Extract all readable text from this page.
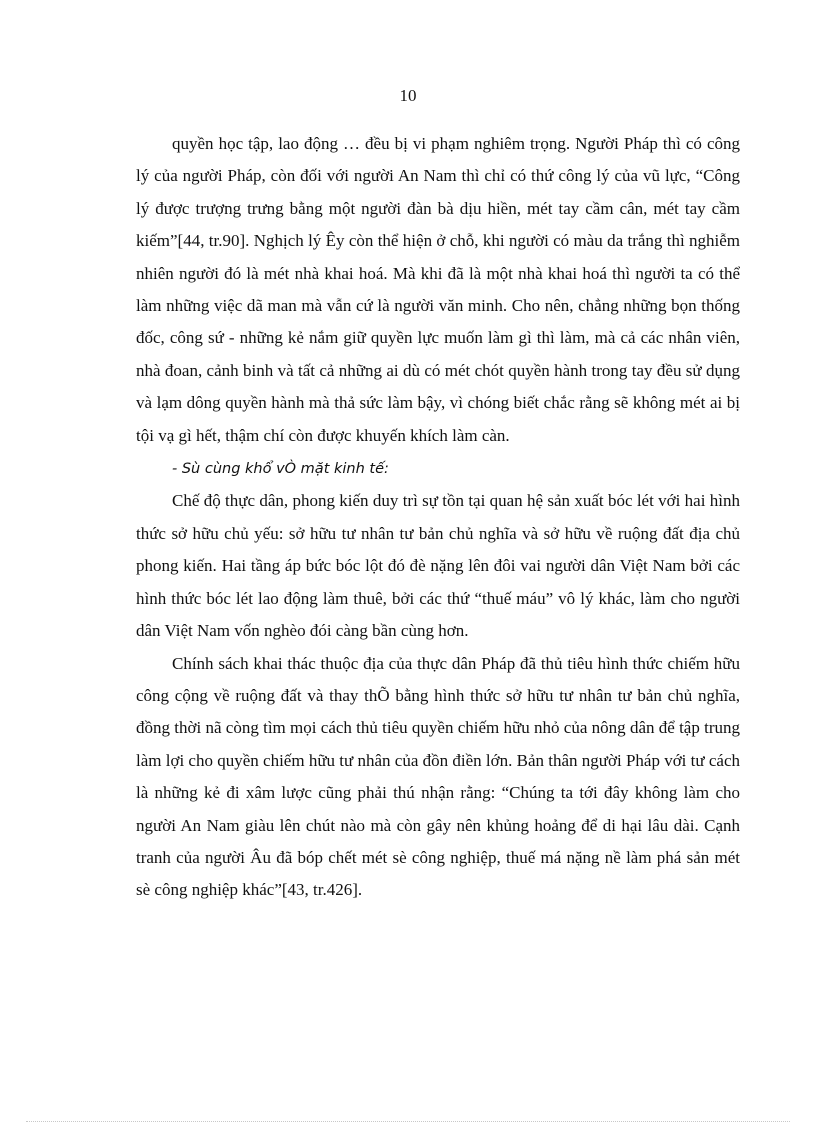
10

quyền học tập, lao động … đều bị vi phạm nghiêm trọng. Người Pháp thì có công lý của người Pháp, còn đối với người An Nam thì chỉ có thứ công lý của vũ lực, “Công lý được trượng trưng bằng một người đàn bà dịu hiền, mét tay cầm cân, mét tay cầm kiếm”[44, tr.90]. Nghịch lý Êy còn thể hiện ở chỗ, khi người có màu da trắng thì nghiễm nhiên người đó là mét nhà khai hoá. Mà khi đã là một nhà khai hoá thì người ta có thể làm những việc dã man mà vẫn cứ là người văn minh. Cho nên, chẳng những bọn thống đốc, công sứ - những kẻ nắm giữ quyền lực muốn làm gì thì làm, mà cả các nhân viên, nhà đoan, cảnh binh và tất cả những ai dù có mét chót quyền hành trong tay đều sử dụng và lạm dông quyền hành mà thả sức làm bậy, vì chóng biết chắc rằng sẽ không mét ai bị tội vạ gì hết, thậm chí còn được khuyến khích làm càn.

- Sù cùng khổ vÒ mặt kinh tế:

Chế độ thực dân, phong kiến duy trì sự tồn tại quan hệ sản xuất bóc lét với hai hình thức sở hữu chủ yếu: sở hữu tư nhân tư bản chủ nghĩa và sở hữu về ruộng đất địa chủ phong kiến. Hai tầng áp bức bóc lột đó đè nặng lên đôi vai người dân Việt Nam bởi các hình thức bóc lét lao động làm thuê, bởi các thứ “thuế máu” vô lý khác, làm cho người dân Việt Nam vốn nghèo đói càng bần cùng hơn.

Chính sách khai thác thuộc địa của thực dân Pháp đã thủ tiêu hình thức chiếm hữu công cộng về ruộng đất và thay thÕ bằng hình thức sở hữu tư nhân tư bản chủ nghĩa, đồng thời nã còng tìm mọi cách thủ tiêu quyền chiếm hữu nhỏ của nông dân để tập trung làm lợi cho quyền chiếm hữu tư nhân của đồn điền lớn. Bản thân người Pháp với tư cách là những kẻ đi xâm lược cũng phải thú nhận rằng: “Chúng ta tới đây không làm cho người An Nam giàu lên chút nào mà còn gây nên khủng hoảng để di hại lâu dài. Cạnh tranh của người Âu đã bóp chết mét sè công nghiệp, thuế má nặng nề làm phá sản mét sè công nghiệp khác”[43, tr.426].
